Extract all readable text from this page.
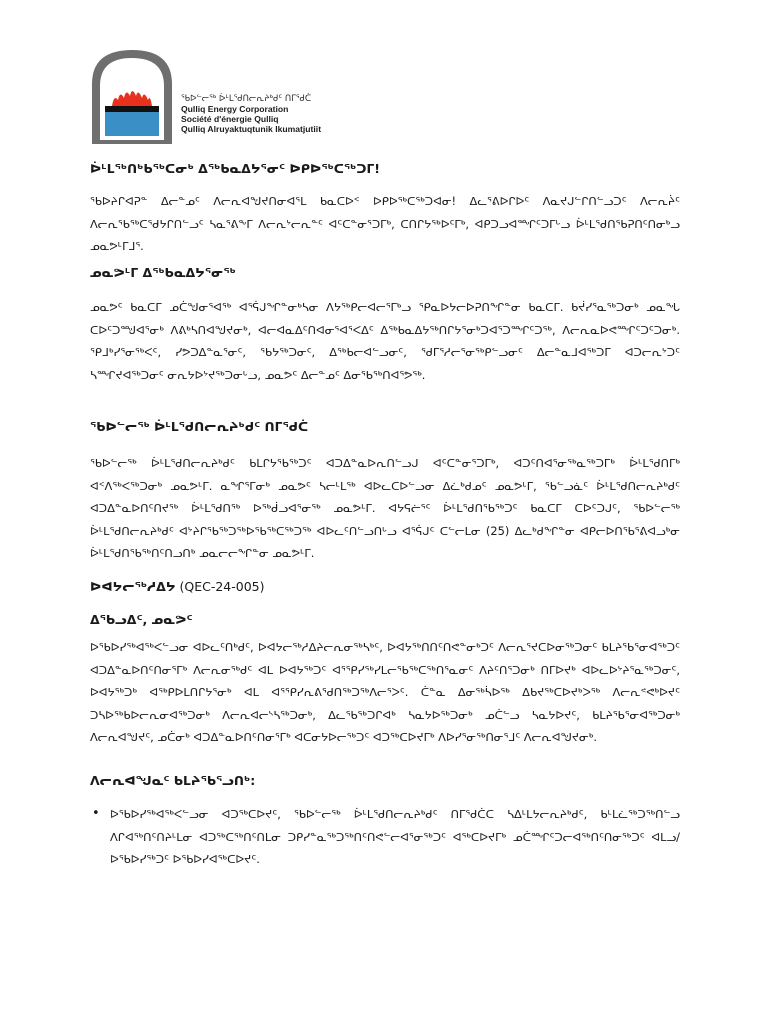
ᖃᐅᓪᓕᖅ ᐆᒻᒪᖁᑎᓕᕆᔨᒃᑯᑦ ᑎᒥᖁᑖ
Qulliq Energy Corporation
Société d'énergie Qulliq
Qulliq Alruyaktuqtunik Ikumatjutiit
ᐆᒻᒪᖅᑎᒃᑲᖅᑕᓂᒃ ᐃᖅᑲᓇᐃᔭᕐᓂᑦ ᐅᑭᐅᖅᑕᖅᑐᒥ!

ᖃᐅᔨᒋᐊᕈᓐ ᐃᓕᓐᓄᑦ ᐱᓕᕆᐊᖑᔪᑎᓂᐊᕐᒪ ᑲᓇᑕᐅᑉ ᐅᑭᐅᖅᑕᖅᑐᐊᓂ! ᐃᓚᕐᕕᐅᒋᐅᑦ ᐱᓇᔪᒍᓪᒋᑎᓪᓗᑐᑦ ᐱᓕᕆᔩᑦ ᐱᓕᕆᖃᖅᑕᖁᔭᒋᑎᓪᓗᑦ ᓴᓇᕐᕕᖕᒥ ᐱᓕᕆᔾᓕᕆᓐᑦ ᐊᑦᑕᓐᓂᕐᑐᒥᒃ, ᑕᑎᒋᔭᖅᐅᑦᒥᒃ, ᐊᑭᑐᓗᐊᙱᑦᑐᒥᒡᓗ ᐆᒻᒪᖁᑎᖃᕈᑎᑦᑎᓂᒃᓗ ᓄᓇᕗᒻᒥᒧᕐ.

ᓄᓇᕗᒻᒥ ᐃᖅᑲᓇᐃᔭᕐᓂᖅ

ᓄᓇᕗᑦ ᑲᓇᑕᒥ ᓄᑖᖑᓂᕐᐊᖅ ᐊᕐᕌᒍᖏᓐᓂᒃᓴᓂ ᐱᔭᖅᑭᓕᐊᓕᕐᒥᒃᓗ ᕿᓇᐅᔭᓕᐅᕈᑎᖏᓐᓂ ᑲᓇᑕᒥ. ᑲᔫᓯᕐᓇᖅᑐᓂᒃ ᓄᓇᖓ ᑕᐅᑦᑐᙳᐊᕐᓂᒃ ᐱᕕᒃᓴᑎᐊᖑᔪᓂᒃ, ᐊᓕᐊᓇᐃᑦᑎᐊᓂᕐᐊᕐᐸᐃᑦ ᐃᖅᑲᓇᐃᔭᖅᑎᒋᔭᕐᓂᒃᑐᐊᕐᑐᙱᑦᑐᖅ, ᐱᓕᕆᓇᐅᕙᙱᑦᑐᑦᑐᓂᒃ. ᕿᒧᒃᓯᕐᓂᖅᐸᑦ, ᓯᕗᑐᐃᓐᓇᕐᓂᑦ, ᖃᔭᖅᑐᓂᑦ, ᐃᖅᑲᓕᐊᓪᓗᓂᑦ, ᖁᒥᕐᓱᓕᕐᓂᖅᑭᓪᓗᓂᑦ ᐃᓕᓐᓇᒧᐊᖅᑐᒥ ᐊᑐᓕᕆᔾᑐᑦ ᓴᙱᔪᐊᖅᑐᓂᑦ ᓂᕆᔭᐅᔾᔪᖅᑐᓂᒡᓗ, ᓄᓇᕗᑦ ᐃᓕᓐᓄᑦ ᐃᓂᖃᖅᑎᐊᕐᕗᖅ.

ᖃᐅᓪᓕᖅ ᐆᒻᒪᖁᑎᓕᕆᔨᒃᑯᑦ ᑎᒥᖁᑖ

ᖃᐅᓪᓕᖅ ᐆᒻᒪᖁᑎᓕᕆᔨᒃᑯᑦ ᑲᒪᒋᔭᖃᖅᑐᑦ ᐊᑐᐃᓐᓇᐅᕆᑎᓪᓗᒍ ᐊᑦᑕᓐᓂᕐᑐᒥᒃ, ᐊᑐᑦᑎᐊᕐᓂᖅᓇᖅᑐᒥᒃ ᐆᒻᒪᖁᑎᒥᒃ ᐊᑉᐱᖅᐸᖅᑐᓂᒃ ᓄᓇᕗᒻᒥ. ᓇᖏᕐᒥᓂᒃ ᓄᓇᕗᑦ ᓴᓕᒻᒪᖅ ᐊᐅᓚᑕᐅᓪᓗᓂ ᐃᓛᒃᑯᓄᑦ ᓄᓇᕗᒻᒥ, ᖃᓪᓗᓈᑦ ᐆᒻᒪᖁᑎᓕᕆᔨᒃᑯᑦ ᐊᑐᐃᓐᓇᐅᑎᑦᑎᔪᖅ ᐆᒻᒪᖁᑎᖅ ᐅᖅᑰᓗᐊᕐᓂᖅ ᓄᓇᕗᒻᒥ. ᐊᔭᕋᓖᕐᑦ ᐆᒻᒪᖁᑎᖃᖅᑐᑦ ᑲᓇᑕᒥ ᑕᐅᑦᑐᒍᑦ, ᖃᐅᓪᓕᖅ ᐆᒻᒪᖁᑎᓕᕆᔨᒃᑯᑦ ᐊᔾᔨᒋᖃᖅᑐᖅᐅᖃᖅᑕᖅᑐᖅ ᐊᐅᓚᑦᑎᓪᓗᑎᒡᓗ ᐊᕐᕌᒍᑦ ᑕᓪᓕᒪᓂ (25) ᐃᓚᒃᑯᖏᓐᓂ ᐊᑭᓕᐅᑎᖃᕐᕕᐊᓗᒃᓂ ᐆᒻᒪᖁᑎᖃᖅᑎᑦᑎᓗᑎᒃ ᓄᓇᓕᓕᖏᓐᓂ ᓄᓇᕗᒻᒥ.

ᐅᐊᔭᓕᖅᓱᐃᔭ (QEC-24-005)
ᐃᖃᓗᐃᑦ, ᓄᓇᕗᑦ

ᐅᖃᐅᓯᖅᐊᖅᐸᓪᓗᓂ ᐊᐅᓚᑦᑎᒃᑯᑦ, ᐅᐊᔭᓕᖅᓱᐃᔨᓕᕆᓂᕐᒃᓴᒃᑦ, ᐅᐊᔭᖅᑎᑎᑦᑎᕙᓐᓂᒃᑐᑦ ᐱᓕᕆᕐᔪᑕᐅᓂᖅᑐᓂᑦ ᑲᒪᔨᖃᕐᓂᐊᖅᑐᑦ ᐊᑐᐃᓐᓇᐅᑎᑦᑎᓂᕐᒥᒃ ᐱᓕᕆᓂᖅᑯᑦ ᐊᒪ ᐅᐊᔭᖅᑐᑦ ᐊᕐᕿᓯᖅᓯᒪᓕᖃᖅᑕᖅᑎᕐᓇᓂᑦ ᐱᔨᑦᑎᕐᑐᓂᒃ ᑎᒥᐅᔪᒃ ᐊᐅᓚᐅᔾᔨᕐᓇᖅᑐᓂᑦ, ᐅᐊᔭᖅᑐᒃ ᐊᖅᑭᐅᒪᑎᒋᔭᕐᓂᒃ ᐊᒪ ᐊᕐᕿᓯᕆᕕᖁᑎᖅᑐᖅᐱᓕᕐᐳᑦ. ᑖᓐᓇ ᐃᓂᖅᓵᐅᖅ ᐃᑲᔪᖅᑕᐅᔪᒃᐳᖅ ᐱᓕᕆᕝᕙᒃᐅᔪᑦ ᑐᓴᐅᖅᑲᐅᓕᕆᓂᐊᖅᑐᓂᒃ ᐱᓕᕆᐊᓕᔅᓴᖅᑐᓂᒃ, ᐃᓚᖃᖅᑐᒋᐊᒃ ᓴᓇᔭᐅᖅᑐᓂᒃ ᓄᑖᓪᓗ ᓴᓇᔭᐅᔪᑦ, ᑲᒪᔨᖃᕐᓂᐊᖅᑐᓂᒃ ᐱᓕᕆᐊᖑᔪᑦ, ᓄᑖᓂᒃ ᐊᑐᐃᓐᓇᐅᑎᑦᑎᓂᕐᒥᒃ ᐊᑕᓂᔭᐅᓕᖅᑐᑦ ᐊᑐᖅᑕᐅᔪᒥᒃ ᐱᐅᓯᕐᓂᖅᑎᓂᕐᒧᑦ ᐱᓕᕆᐊᖑᔪᓂᒃ.

ᐱᓕᕆᐊᖑᓇᑦ ᑲᒪᔨᖃᕐᓗᑎᒃ:
• ᐅᖃᐅᓯᖅᐊᖅᐸᓪᓗᓂ ᐊᑐᖅᑕᐅᔪᑦ, ᖃᐅᓪᓕᖅ ᐆᒻᒪᖁᑎᓕᕆᔨᒃᑯᑦ ᑎᒥᖁᑖᑕ ᓴᐃᒻᒪᔭᓕᕆᔨᒃᑯᑦ, ᑲᒻᒪᓛᖅᑐᖅᑎᓪᓗ ᐱᒋᐊᖅᑎᑦᑎᔨᒻᒪᓂ ᐊᑐᖅᑕᖅᑎᑦᑎᒪᓂ ᑐᑭᓯᓐᓇᖅᑐᖅᑎᑦᑎᕙᓪᓕᐊᕐᓂᖅᑐᑦ ᐊᖅᑕᐅᔪᒥᒃ ᓄᑖᙱᑦᑐᓕᐊᖅᑎᑦᑎᓂᖅᑐᑦ ᐊᒪᓗ/ᐅᖃᐅᓯᖅᑐᑦ ᐅᖃᐅᓯᐊᖅᑕᐅᔪᑦ.
